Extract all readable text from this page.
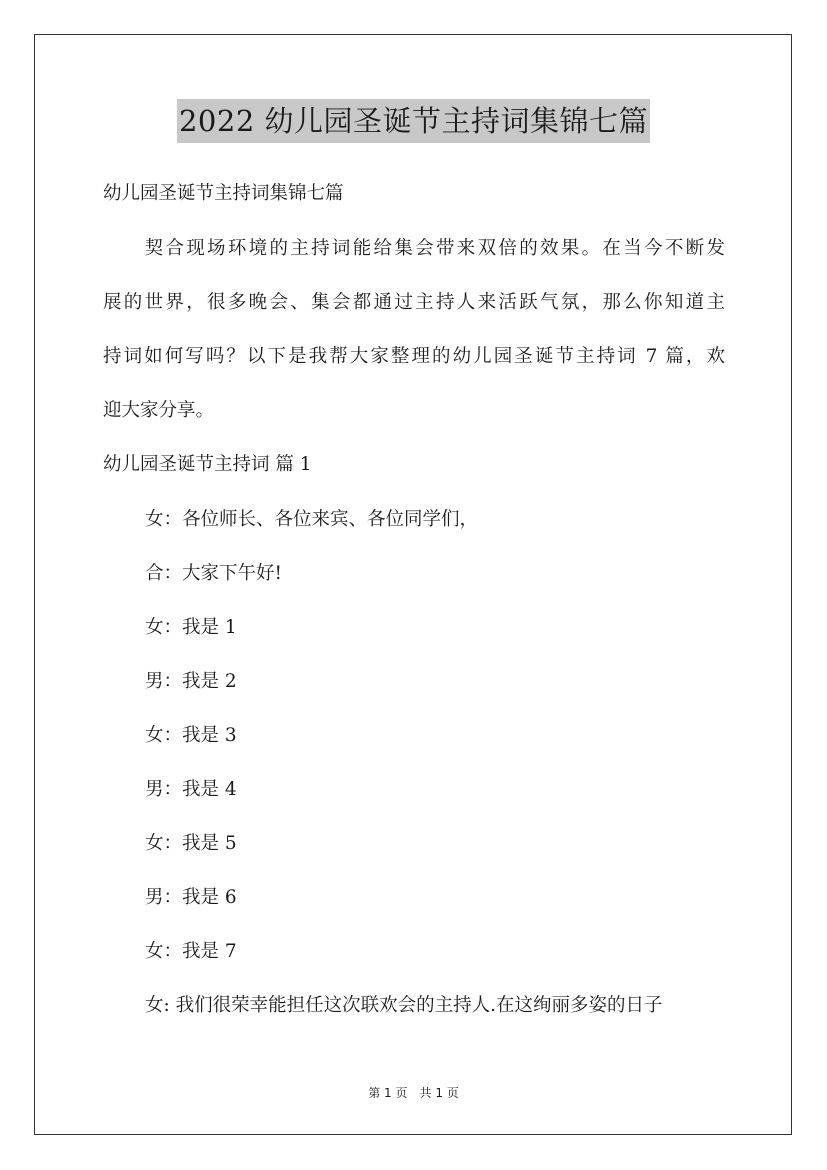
2022 幼儿园圣诞节主持词集锦七篇
幼儿园圣诞节主持词集锦七篇
　　契合现场环境的主持词能给集会带来双倍的效果。在当今不断发
展的世界，很多晚会、集会都通过主持人来活跃气氛，那么你知道主
持词如何写吗？以下是我帮大家整理的幼儿园圣诞节主持词 7 篇，欢
迎大家分享。
幼儿园圣诞节主持词 篇 1
女：各位师长、各位来宾、各位同学们，
合：大家下午好!
女：我是 1
男：我是 2
女：我是 3
男：我是 4
女：我是 5
男：我是 6
女：我是 7
女: 我们很荣幸能担任这次联欢会的主持人.在这绚丽多姿的日子
第 1 页　共 1 页
